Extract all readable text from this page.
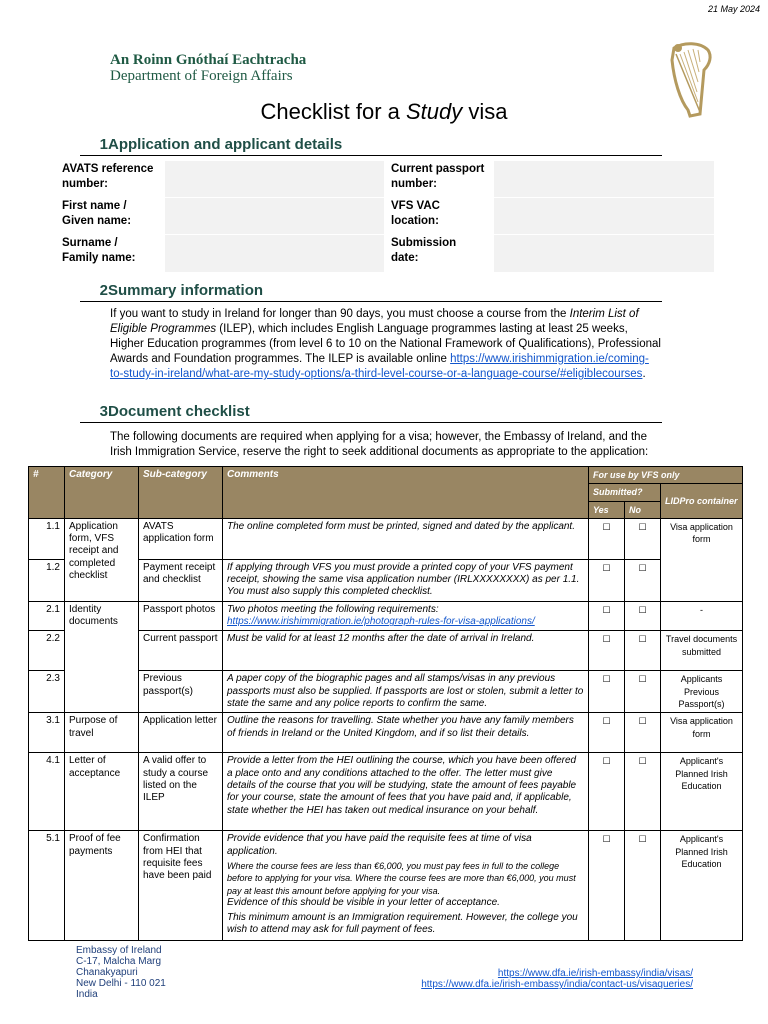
21 May 2024
An Roinn Gnóthaí Eachtracha
Department of Foreign Affairs
Checklist for a Study visa
1Application and applicant details
AVATS reference
number:
Current passport
number:
First name /
Given name:
VFS VAC
location:
Surname /
Family name:
Submission
date:
2Summary information
If you want to study in Ireland for longer than 90 days, you must choose a course from the Interim List of Eligible Programmes (ILEP), which includes English Language programmes lasting at least 25 weeks, Higher Education programmes (from level 6 to 10 on the National Framework of Qualifications), Professional Awards and Foundation programmes. The ILEP is available online https://www.irishimmigration.ie/coming-to-study-in-ireland/what-are-my-study-options/a-third-level-course-or-a-language-course/#eligiblecourses.
3Document checklist
The following documents are required when applying for a visa; however, the Embassy of Ireland, and the Irish Immigration Service, reserve the right to seek additional documents as appropriate to the application:
#	Category	Sub-category	Comments	For use by VFS only		
				Submitted?		LIDPro container
				Yes	No	
1.1	Application form, VFS receipt and completed checklist	AVATS application form	The online completed form must be printed, signed and dated by the applicant.	☐	☐	Visa application form
1.2		Payment receipt and checklist	If applying through VFS you must provide a printed copy of your VFS payment receipt, showing the same visa application number (IRLXXXXXXXX) as per 1.1. You must also supply this completed checklist.	☐	☐	
2.1	Identity documents	Passport photos	Two photos meeting the following requirements:
https://www.irishimmigration.ie/photograph-rules-for-visa-applications/	☐	☐	-
2.2		Current passport	Must be valid for at least 12 months after the date of arrival in Ireland.	☐	☐	Travel documents submitted
2.3		Previous passport(s)	A paper copy of the biographic pages and all stamps/visas in any previous passports must also be supplied. If passports are lost or stolen, submit a letter to state the same and any police reports to confirm the same.	☐	☐	Applicants Previous Passport(s)
3.1	Purpose of travel	Application letter	Outline the reasons for travelling. State whether you have any family members of friends in Ireland or the United Kingdom, and if so list their details.	☐	☐	Visa application form
4.1	Letter of acceptance	A valid offer to study a course listed on the ILEP	Provide a letter from the HEI outlining the course, which you have been offered a place onto and any conditions attached to the offer. The letter must give details of the course that you will be studying, state the amount of fees payable for your course, state the amount of fees that you have paid and, if applicable, state whether the HEI has taken out medical insurance on your behalf.	☐	☐	Applicant's Planned Irish Education
5.1	Proof of fee payments	Confirmation from HEI that requisite fees have been paid	Provide evidence that you have paid the requisite fees at time of visa application.
Where the course fees are less than €6,000, you must pay fees in full to the college before to applying for your visa. Where the course fees are more than €6,000, you must pay at least this amount before applying for your visa.
Evidence of this should be visible in your letter of acceptance.
This minimum amount is an Immigration requirement. However, the college you wish to attend may ask for full payment of fees.	☐	☐	Applicant's Planned Irish Education
Embassy of Ireland
C-17, Malcha Marg
Chanakyapuri
New Delhi - 110 021
India
https://www.dfa.ie/irish-embassy/india/visas/
https://www.dfa.ie/irish-embassy/india/contact-us/visaqueries/
